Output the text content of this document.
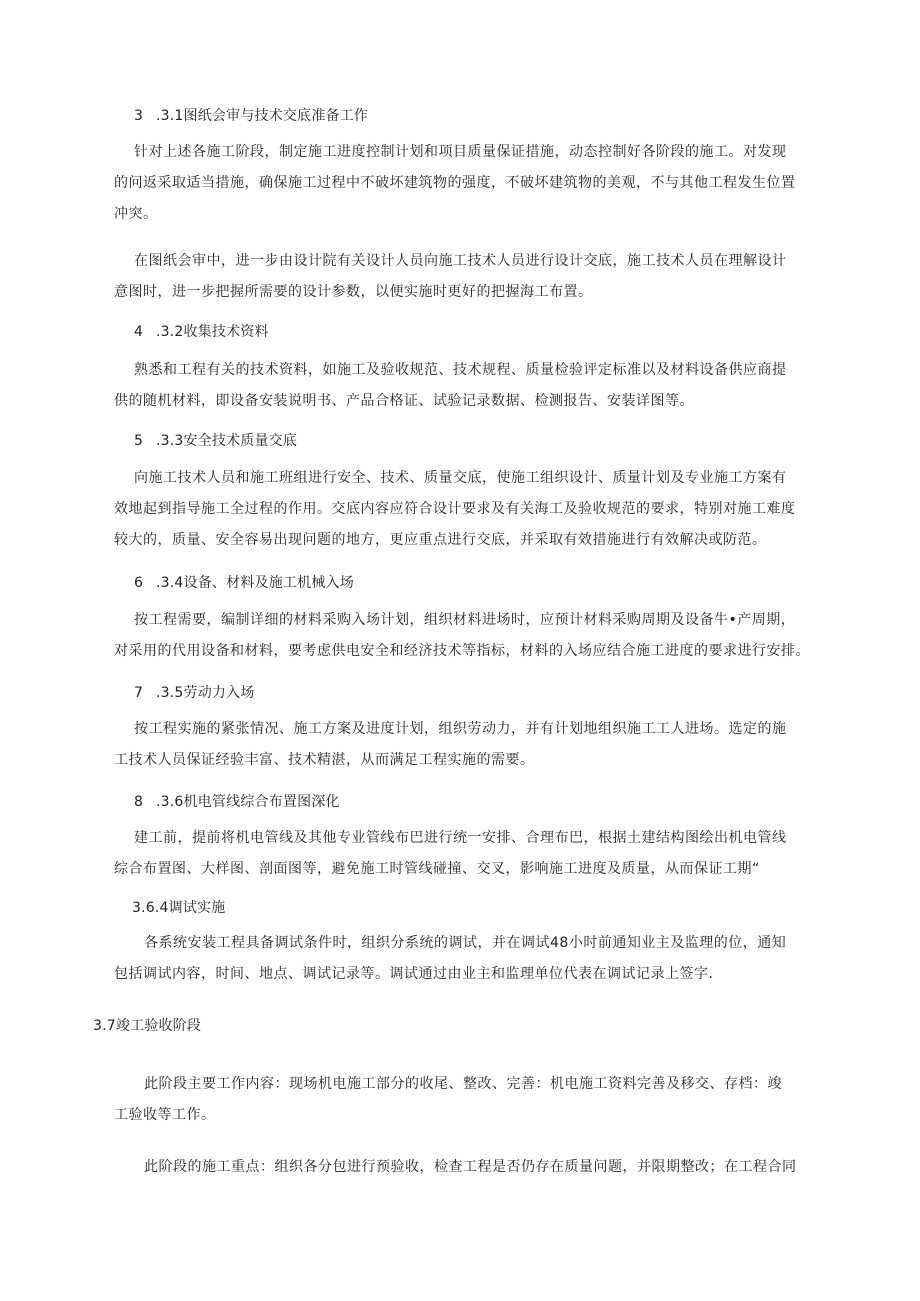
3 .3.1图纸会审与技术交底准备工作
针对上述各施工阶段，制定施工进度控制计划和项目质量保证措施，动态控制好各阶段的施工。对发现
的问返采取适当措施，确保施工过程中不破坏建筑物的强度，不破坏建筑物的美观，不与其他工程发生位置
冲突。
在图纸会审中，进一步由设计院有关设计人员向施工技术人员进行设计交底，施工技术人员在理解设计
意图时，进一步把握所需要的设计参数，以便实施时更好的把握海工布置。
4 .3.2收集技术资料
熟悉和工程有关的技术资料，如施工及验收规范、技术规程、质量检验评定标准以及材料设备供应商提
供的随机材料，即设备安装说明书、产品合格证、试验记录数据、检测报告、安装详图等。
5 .3.3安全技术质量交底
向施工技术人员和施工班组进行安全、技术、质量交底，使施工组织设计、质量计划及专业施工方案有
效地起到指导施工全过程的作用。交底内容应符合设计要求及有关海工及验收规范的要求，特别对施工难度
较大的，质量、安全容易出现问题的地方，更应重点进行交底，并采取有效措施进行有效解决或防范。
6 .3.4设备、材料及施工机械入场
按工程需要，编制详细的材料采购入场计划，组织材料进场时，应预计材料采购周期及设备牛•产周期，
对采用的代用设备和材料，要考虑供电安全和经济技术等指标，材料的入场应结合施工进度的要求进行安排。
7 .3.5劳动力入场
按工程实施的紧张情况、施工方案及进度计划，组织劳动力，并有计划地组织施工工人进场。选定的施
工技术人员保证经验丰富、技术精湛，从而满足工程实施的需要。
8 .3.6机电管线综合布置图深化
建工前，提前将机电管线及其他专业管线布巴进行统一安排、合理布巴，根据土建结构图绘出机电管线
综合布置图、大样图、剖面图等，避免施工时管线碰撞、交叉，影响施工进度及质量，从而保证工期“
3.6.4调试实施
各系统安装工程具备调试条件时，组织分系统的调试，并在调试48小时前通知业主及监理的位，通知
包括调试内容，时间、地点、调试记录等。调试通过由业主和监理单位代表在调试记录上签字.
3.7竣工验收阶段
此阶段主要工作内容：现场机电施工部分的收尾、整改、完善：机电施工资料完善及移交、存档：竣
工验收等工作。
此阶段的施工重点：组织各分包进行预验收，检查工程是否仍存在质量问题，并限期整改；在工程合同
